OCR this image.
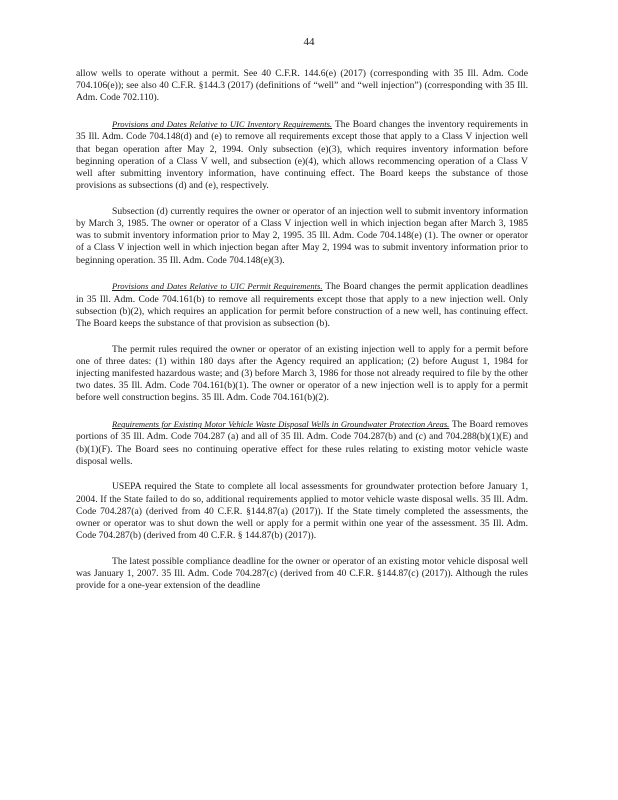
44

allow wells to operate without a permit. See 40 C.F.R. 144.6(e) (2017) (corresponding with 35 Ill. Adm. Code 704.106(e)); see also 40 C.F.R. §144.3 (2017) (definitions of “well” and “well injection”) (corresponding with 35 Ill. Adm. Code 702.110).

Provisions and Dates Relative to UIC Inventory Requirements. The Board changes the inventory requirements in 35 Ill. Adm. Code 704.148(d) and (e) to remove all requirements except those that apply to a Class V injection well that began operation after May 2, 1994. Only subsection (e)(3), which requires inventory information before beginning operation of a Class V well, and subsection (e)(4), which allows recommencing operation of a Class V well after submitting inventory information, have continuing effect. The Board keeps the substance of those provisions as subsections (d) and (e), respectively.

Subsection (d) currently requires the owner or operator of an injection well to submit inventory information by March 3, 1985. The owner or operator of a Class V injection well in which injection began after March 3, 1985 was to submit inventory information prior to May 2, 1995. 35 Ill. Adm. Code 704.148(e) (1). The owner or operator of a Class V injection well in which injection began after May 2, 1994 was to submit inventory information prior to beginning operation. 35 Ill. Adm. Code 704.148(e)(3).

Provisions and Dates Relative to UIC Permit Requirements. The Board changes the permit application deadlines in 35 Ill. Adm. Code 704.161(b) to remove all requirements except those that apply to a new injection well. Only subsection (b)(2), which requires an application for permit before construction of a new well, has continuing effect. The Board keeps the substance of that provision as subsection (b).

The permit rules required the owner or operator of an existing injection well to apply for a permit before one of three dates: (1) within 180 days after the Agency required an application; (2) before August 1, 1984 for injecting manifested hazardous waste; and (3) before March 3, 1986 for those not already required to file by the other two dates. 35 Ill. Adm. Code 704.161(b)(1). The owner or operator of a new injection well is to apply for a permit before well construction begins. 35 Ill. Adm. Code 704.161(b)(2).

Requirements for Existing Motor Vehicle Waste Disposal Wells in Groundwater Protection Areas. The Board removes portions of 35 Ill. Adm. Code 704.287 (a) and all of 35 Ill. Adm. Code 704.287(b) and (c) and 704.288(b)(1)(E) and (b)(1)(F). The Board sees no continuing operative effect for these rules relating to existing motor vehicle waste disposal wells.

USEPA required the State to complete all local assessments for groundwater protection before January 1, 2004. If the State failed to do so, additional requirements applied to motor vehicle waste disposal wells. 35 Ill. Adm. Code 704.287(a) (derived from 40 C.F.R. §144.87(a) (2017)). If the State timely completed the assessments, the owner or operator was to shut down the well or apply for a permit within one year of the assessment. 35 Ill. Adm. Code 704.287(b) (derived from 40 C.F.R. § 144.87(b) (2017)).

The latest possible compliance deadline for the owner or operator of an existing motor vehicle disposal well was January 1, 2007. 35 Ill. Adm. Code 704.287(c) (derived from 40 C.F.R. §144.87(c) (2017)). Although the rules provide for a one-year extension of the deadline
